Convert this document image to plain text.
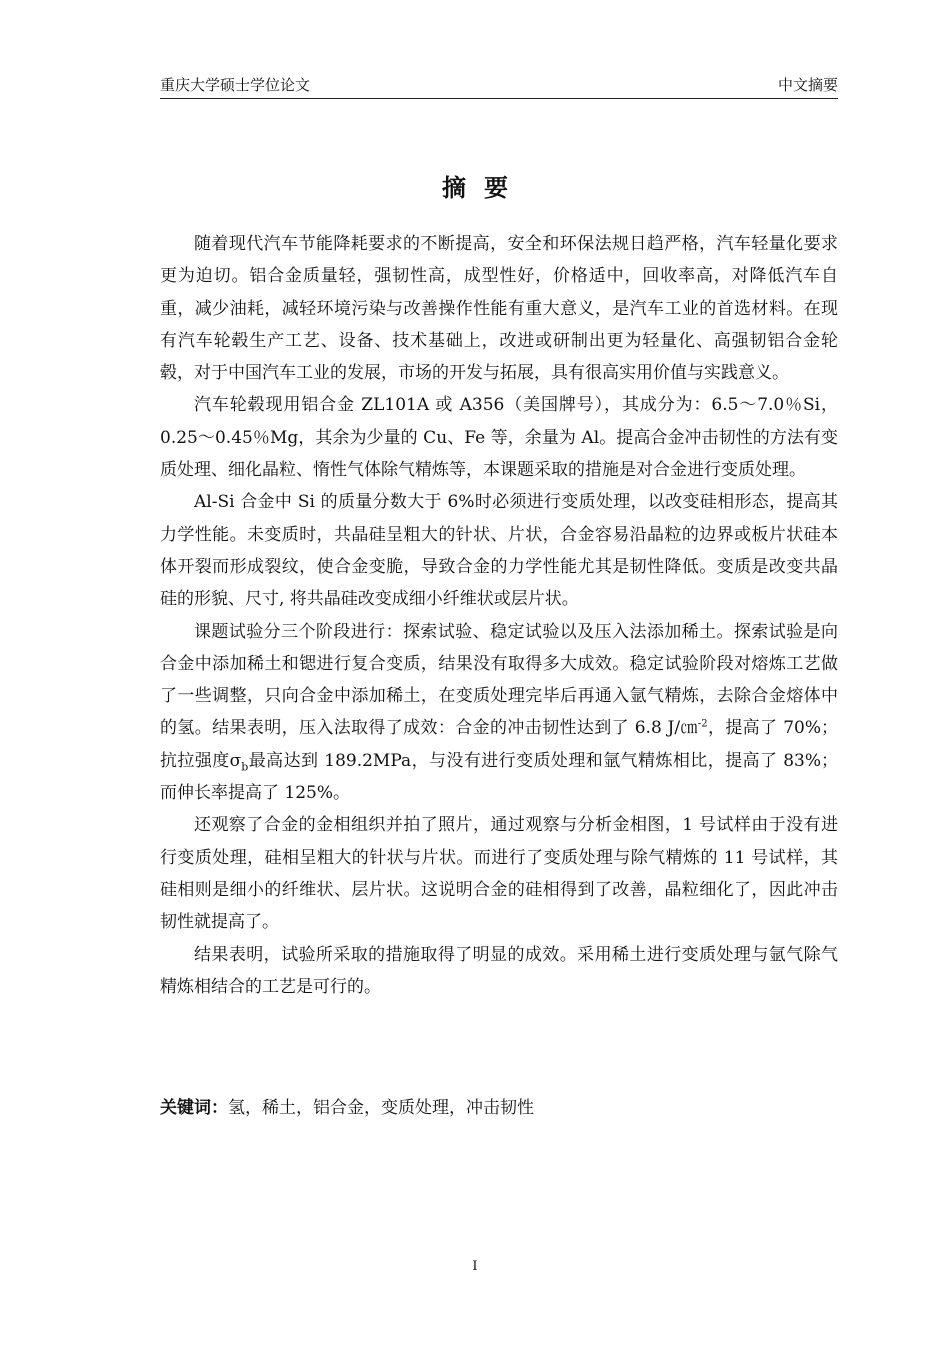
重庆大学硕士学位论文	中文摘要
摘要

随着现代汽车节能降耗要求的不断提高，安全和环保法规日趋严格，汽车轻量化要求更为迫切。铝合金质量轻，强韧性高，成型性好，价格适中，回收率高，对降低汽车自重，减少油耗，减轻环境污染与改善操作性能有重大意义，是汽车工业的首选材料。在现有汽车轮毂生产工艺、设备、技术基础上，改进或研制出更为轻量化、高强韧铝合金轮毂，对于中国汽车工业的发展，市场的开发与拓展，具有很高实用价值与实践意义。

汽车轮毂现用铝合金 ZL101A 或 A356（美国牌号），其成分为：6.5～7.0％Si，0.25～0.45％Mg，其余为少量的 Cu、Fe 等，余量为 Al。提高合金冲击韧性的方法有变质处理、细化晶粒、惰性气体除气精炼等，本课题采取的措施是对合金进行变质处理。

Al-Si 合金中 Si 的质量分数大于 6%时必须进行变质处理，以改变硅相形态，提高其力学性能。未变质时，共晶硅呈粗大的针状、片状，合金容易沿晶粒的边界或板片状硅本体开裂而形成裂纹，使合金变脆，导致合金的力学性能尤其是韧性降低。变质是改变共晶硅的形貌、尺寸, 将共晶硅改变成细小纤维状或层片状。

课题试验分三个阶段进行：探索试验、稳定试验以及压入法添加稀土。探索试验是向合金中添加稀土和锶进行复合变质，结果没有取得多大成效。稳定试验阶段对熔炼工艺做了一些调整，只向合金中添加稀土，在变质处理完毕后再通入氩气精炼，去除合金熔体中的氢。结果表明，压入法取得了成效：合金的冲击韧性达到了 6.8 J/㎝$^{-2}$，提高了 70%；抗拉强度$\sigma_b$最高达到 189.2MPa，与没有进行变质处理和氩气精炼相比，提高了 83%；而伸长率提高了 125%。

还观察了合金的金相组织并拍了照片，通过观察与分析金相图，1 号试样由于没有进行变质处理，硅相呈粗大的针状与片状。而进行了变质处理与除气精炼的 11 号试样，其硅相则是细小的纤维状、层片状。这说明合金的硅相得到了改善，晶粒细化了，因此冲击韧性就提高了。

结果表明，试验所采取的措施取得了明显的成效。采用稀土进行变质处理与氩气除气精炼相结合的工艺是可行的。

关键词：氢，稀土，铝合金，变质处理，冲击韧性
I
